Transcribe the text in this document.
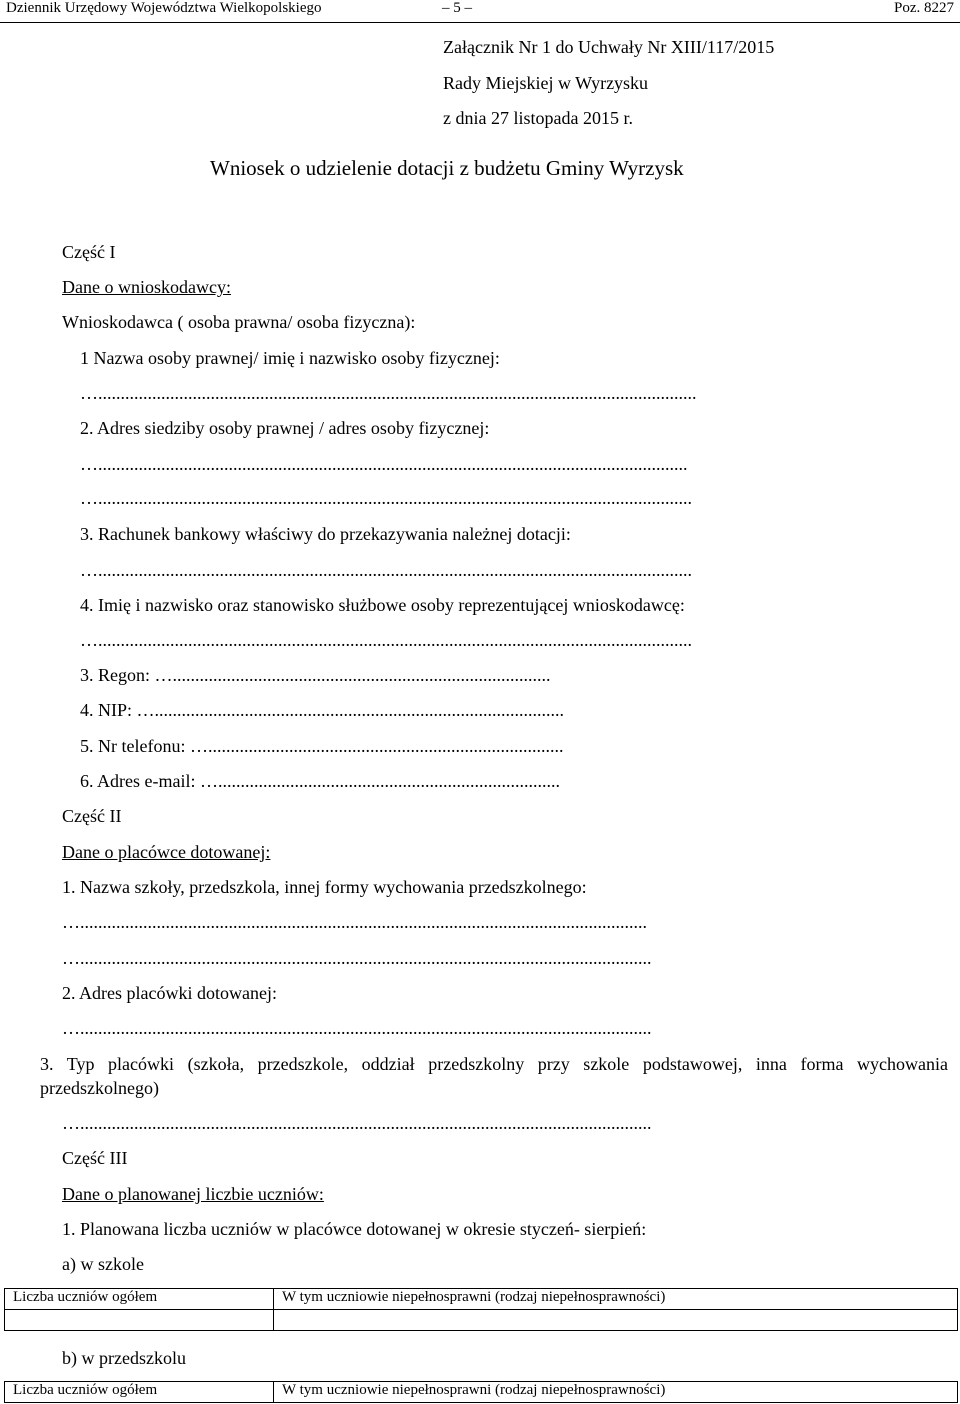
Dziennik Urzędowy Województwa Wielkopolskiego	– 5 –	Poz. 8227
Załącznik Nr 1 do Uchwały Nr XIII/117/2015
Rady Miejskiej w Wyrzysku
z dnia 27 listopada 2015 r.
Wniosek o udzielenie dotacji z budżetu Gminy Wyrzysk
Część I
Dane o wnioskodawcy:
Wnioskodawca ( osoba prawna/ osoba fizyczna):
1 Nazwa osoby prawnej/ imię i nazwisko osoby fizycznej:
….....................................................................................................................................
2. Adres siedziby osoby prawnej / adres osoby fizycznej:
…...................................................................................................................................
…....................................................................................................................................
3. Rachunek bankowy właściwy do przekazywania należnej dotacji:
…....................................................................................................................................
4. Imię i nazwisko oraz stanowisko służbowe osoby reprezentującej wnioskodawcę:
…....................................................................................................................................
3. Regon: …....................................................................................
4. NIP: …...........................................................................................
5. Nr telefonu: …...............................................................................
6. Adres e-mail: …............................................................................
Część II
Dane o placówce dotowanej:
1. Nazwa szkoły, przedszkola, innej formy wychowania przedszkolnego:
…..............................................................................................................................
…...............................................................................................................................
2. Adres placówki dotowanej:
…...............................................................................................................................
3. Typ placówki (szkoła, przedszkole, oddział przedszkolny przy szkole podstawowej, inna forma wychowania przedszkolnego)
…...............................................................................................................................
Część III
Dane o planowanej liczbie uczniów:
1. Planowana liczba uczniów w placówce dotowanej w okresie styczeń- sierpień:
a) w szkole
Liczba uczniów ogółem	W tym uczniowie niepełnosprawni (rodzaj niepełnosprawności)

b) w przedszkolu
Liczba uczniów ogółem	W tym uczniowie niepełnosprawni (rodzaj niepełnosprawności)
